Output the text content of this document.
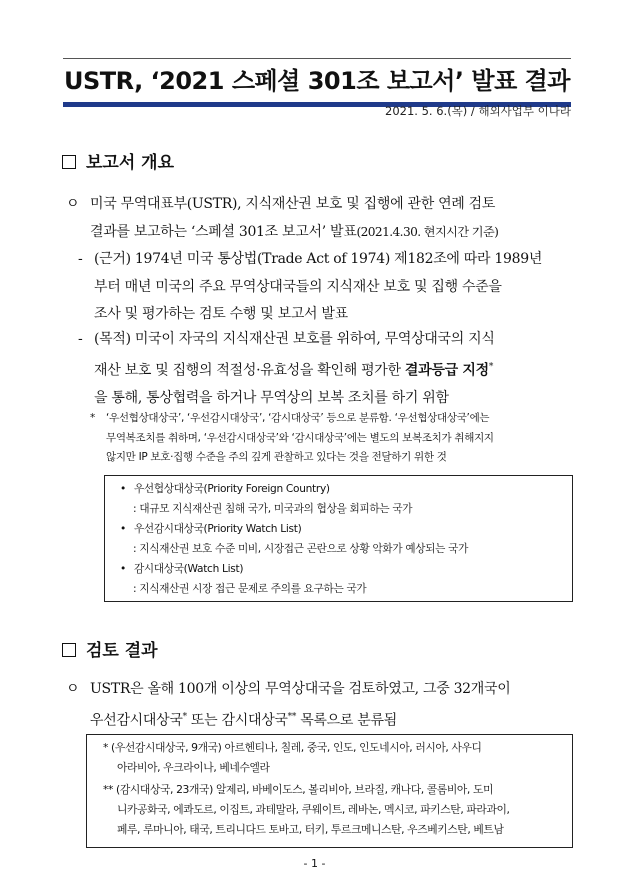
USTR, ‘2021 스페셜 301조 보고서’ 발표 결과
2021. 5. 6.(목) / 해외사업부 이나라
보고서 개요
ㅇ 미국 무역대표부(USTR), 지식재산권 보호 및 집행에 관한 연례 검토

결과를 보고하는 ‘스페셜 301조 보고서’ 발표(2021.4.30. 현지시간 기준)

- (근거) 1974년 미국 통상법(Trade Act of 1974) 제182조에 따라 1989년

부터 매년 미국의 주요 무역상대국들의 지식재산 보호 및 집행 수준을

조사 및 평가하는 검토 수행 및 보고서 발표

- (목적) 미국이 자국의 지식재산권 보호를 위하여, 무역상대국의 지식

재산 보호 및 집행의 적절성·유효성을 확인해 평가한 결과등급 지정*

을 통해, 통상협력을 하거나 무역상의 보복 조치를 하기 위함

* ‘우선협상대상국’, ‘우선감시대상국’, ‘감시대상국’ 등으로 분류함. ‘우선협상대상국’에는

무역복조치를 취하며, ‘우선감시대상국’와 ‘감시대상국’에는 별도의 보복조치가 취해지지

않지만 IP 보호·집행 수준을 주의 깊게 관찰하고 있다는 것을 전달하기 위한 것

• 우선협상대상국(Priority Foreign Country)
: 대규모 지식재산권 침해 국가, 미국과의 협상을 회피하는 국가
• 우선감시대상국(Priority Watch List)
: 지식재산권 보호 수준 미비, 시장접근 곤란으로 상황 악화가 예상되는 국가
• 감시대상국(Watch List)
: 지식재산권 시장 접근 문제로 주의를 요구하는 국가
검토 결과
ㅇ USTR은 올해 100개 이상의 무역상대국을 검토하였고, 그중 32개국이

우선감시대상국* 또는 감시대상국** 목록으로 분류됨

* (우선감시대상국, 9개국) 아르헨티나, 칠레, 중국, 인도, 인도네시아, 러시아, 사우디
아라비아, 우크라이나, 베네수엘라
** (감시대상국, 23개국) 알제리, 바베이도스, 볼리비아, 브라질, 캐나다, 콜롬비아, 도미
니카공화국, 에콰도르, 이집트, 과테말라, 쿠웨이트, 레바논, 멕시코, 파키스탄, 파라과이,
페루, 루마니아, 태국, 트리니다드 토바고, 터키, 투르크메니스탄, 우즈베키스탄, 베트남
- 1 -
